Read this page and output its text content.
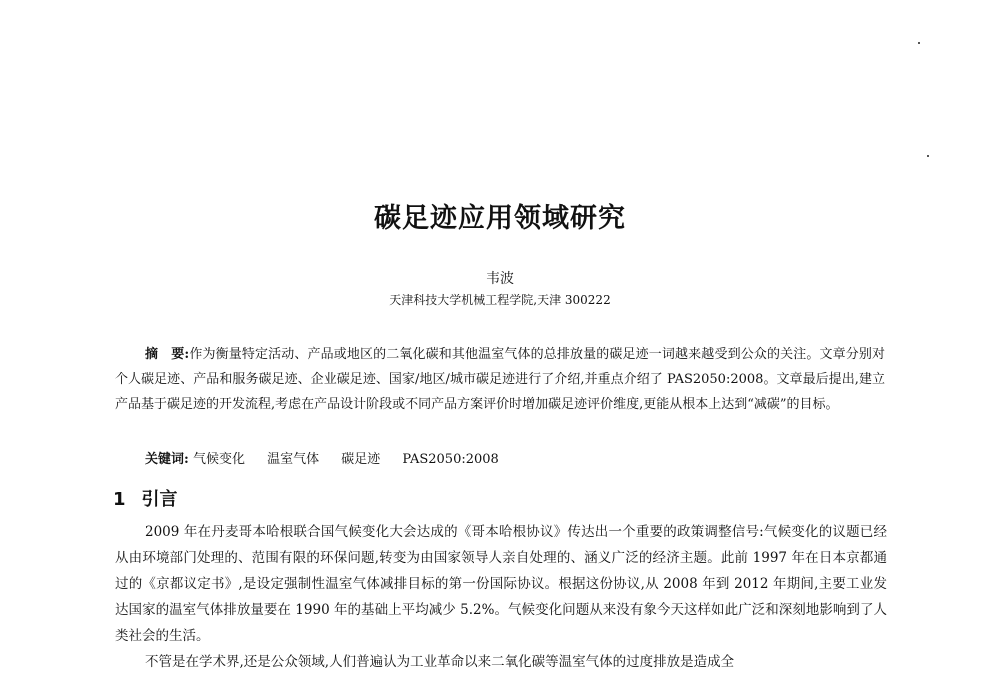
碳足迹应用领域研究
韦波
天津科技大学机械工程学院,天津 300222
摘　要:作为衡量特定活动、产品或地区的二氧化碳和其他温室气体的总排放量的碳足迹一词越来越受到公众的关注。文章分别对个人碳足迹、产品和服务碳足迹、企业碳足迹、国家/地区/城市碳足迹进行了介绍,并重点介绍了 PAS2050:2008。文章最后提出,建立产品基于碳足迹的开发流程,考虑在产品设计阶段或不同产品方案评价时增加碳足迹评价维度,更能从根本上达到“减碳”的目标。
关键词: 气候变化 温室气体 碳足迹 PAS2050:2008
1 引言

2009 年在丹麦哥本哈根联合国气候变化大会达成的《哥本哈根协议》传达出一个重要的政策调整信号:气候变化的议题已经从由环境部门处理的、范围有限的环保问题,转变为由国家领导人亲自处理的、涵义广泛的经济主题。此前 1997 年在日本京都通过的《京都议定书》,是设定强制性温室气体减排目标的第一份国际协议。根据这份协议,从 2008 年到 2012 年期间,主要工业发达国家的温室气体排放量要在 1990 年的基础上平均减少 5.2%。气候变化问题从来没有象今天这样如此广泛和深刻地影响到了人类社会的生活。

不管是在学术界,还是公众领域,人们普遍认为工业革命以来二氧化碳等温室气体的过度排放是造成全
